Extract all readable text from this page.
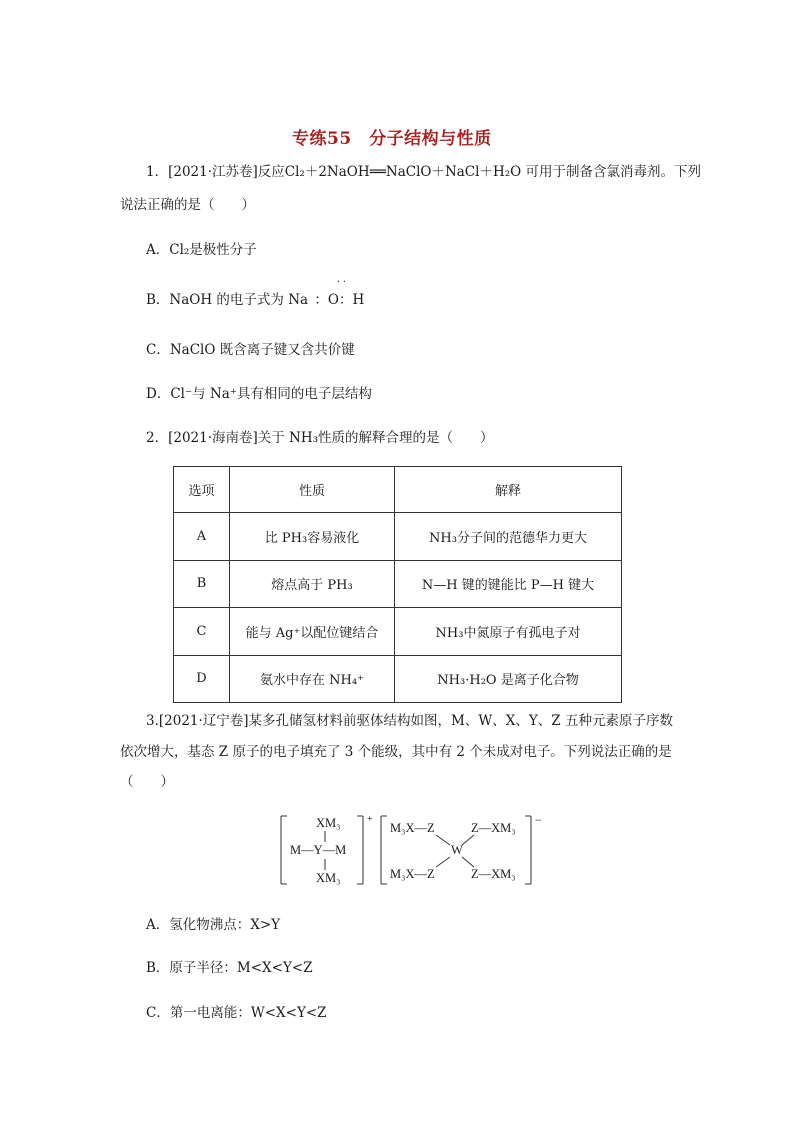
专练55　分子结构与性质
1．[2021·江苏卷]反应Cl₂＋2NaOH══NaClO＋NaCl＋H₂O 可用于制备含氯消毒剂。下列
说法正确的是（　　）
A．Cl₂是极性分子
B．NaOH 的电子式为 Na
˙˙
：O：H
C．NaClO 既含离子键又含共价键
D．Cl⁻与 Na⁺具有相同的电子层结构
2．[2021·海南卷]关于 NH₃性质的解释合理的是（　　）
选项	性质	解释
A	比 PH₃容易液化	NH₃分子间的范德华力更大
B	熔点高于 PH₃	N—H 键的键能比 P—H 键大
C	能与 Ag⁺以配位键结合	NH₃中氮原子有孤电子对
D	氨水中存在 NH₄⁺	NH₃·H₂O 是离子化合物
3.[2021·辽宁卷]某多孔储氢材料前驱体结构如图，M、W、X、Y、Z 五种元素原子序数
依次增大，基态 Z 原子的电子填充了 3 个能级，其中有 2 个未成对电子。下列说法正确的是
（　　）
XM₃
M—Y—M
XM₃
+
M₃X—Z	Z—XM₃
W
M₃X—Z	Z—XM₃
−
A．氢化物沸点：X>Y
B．原子半径：M<X<Y<Z
C．第一电离能：W<X<Y<Z
